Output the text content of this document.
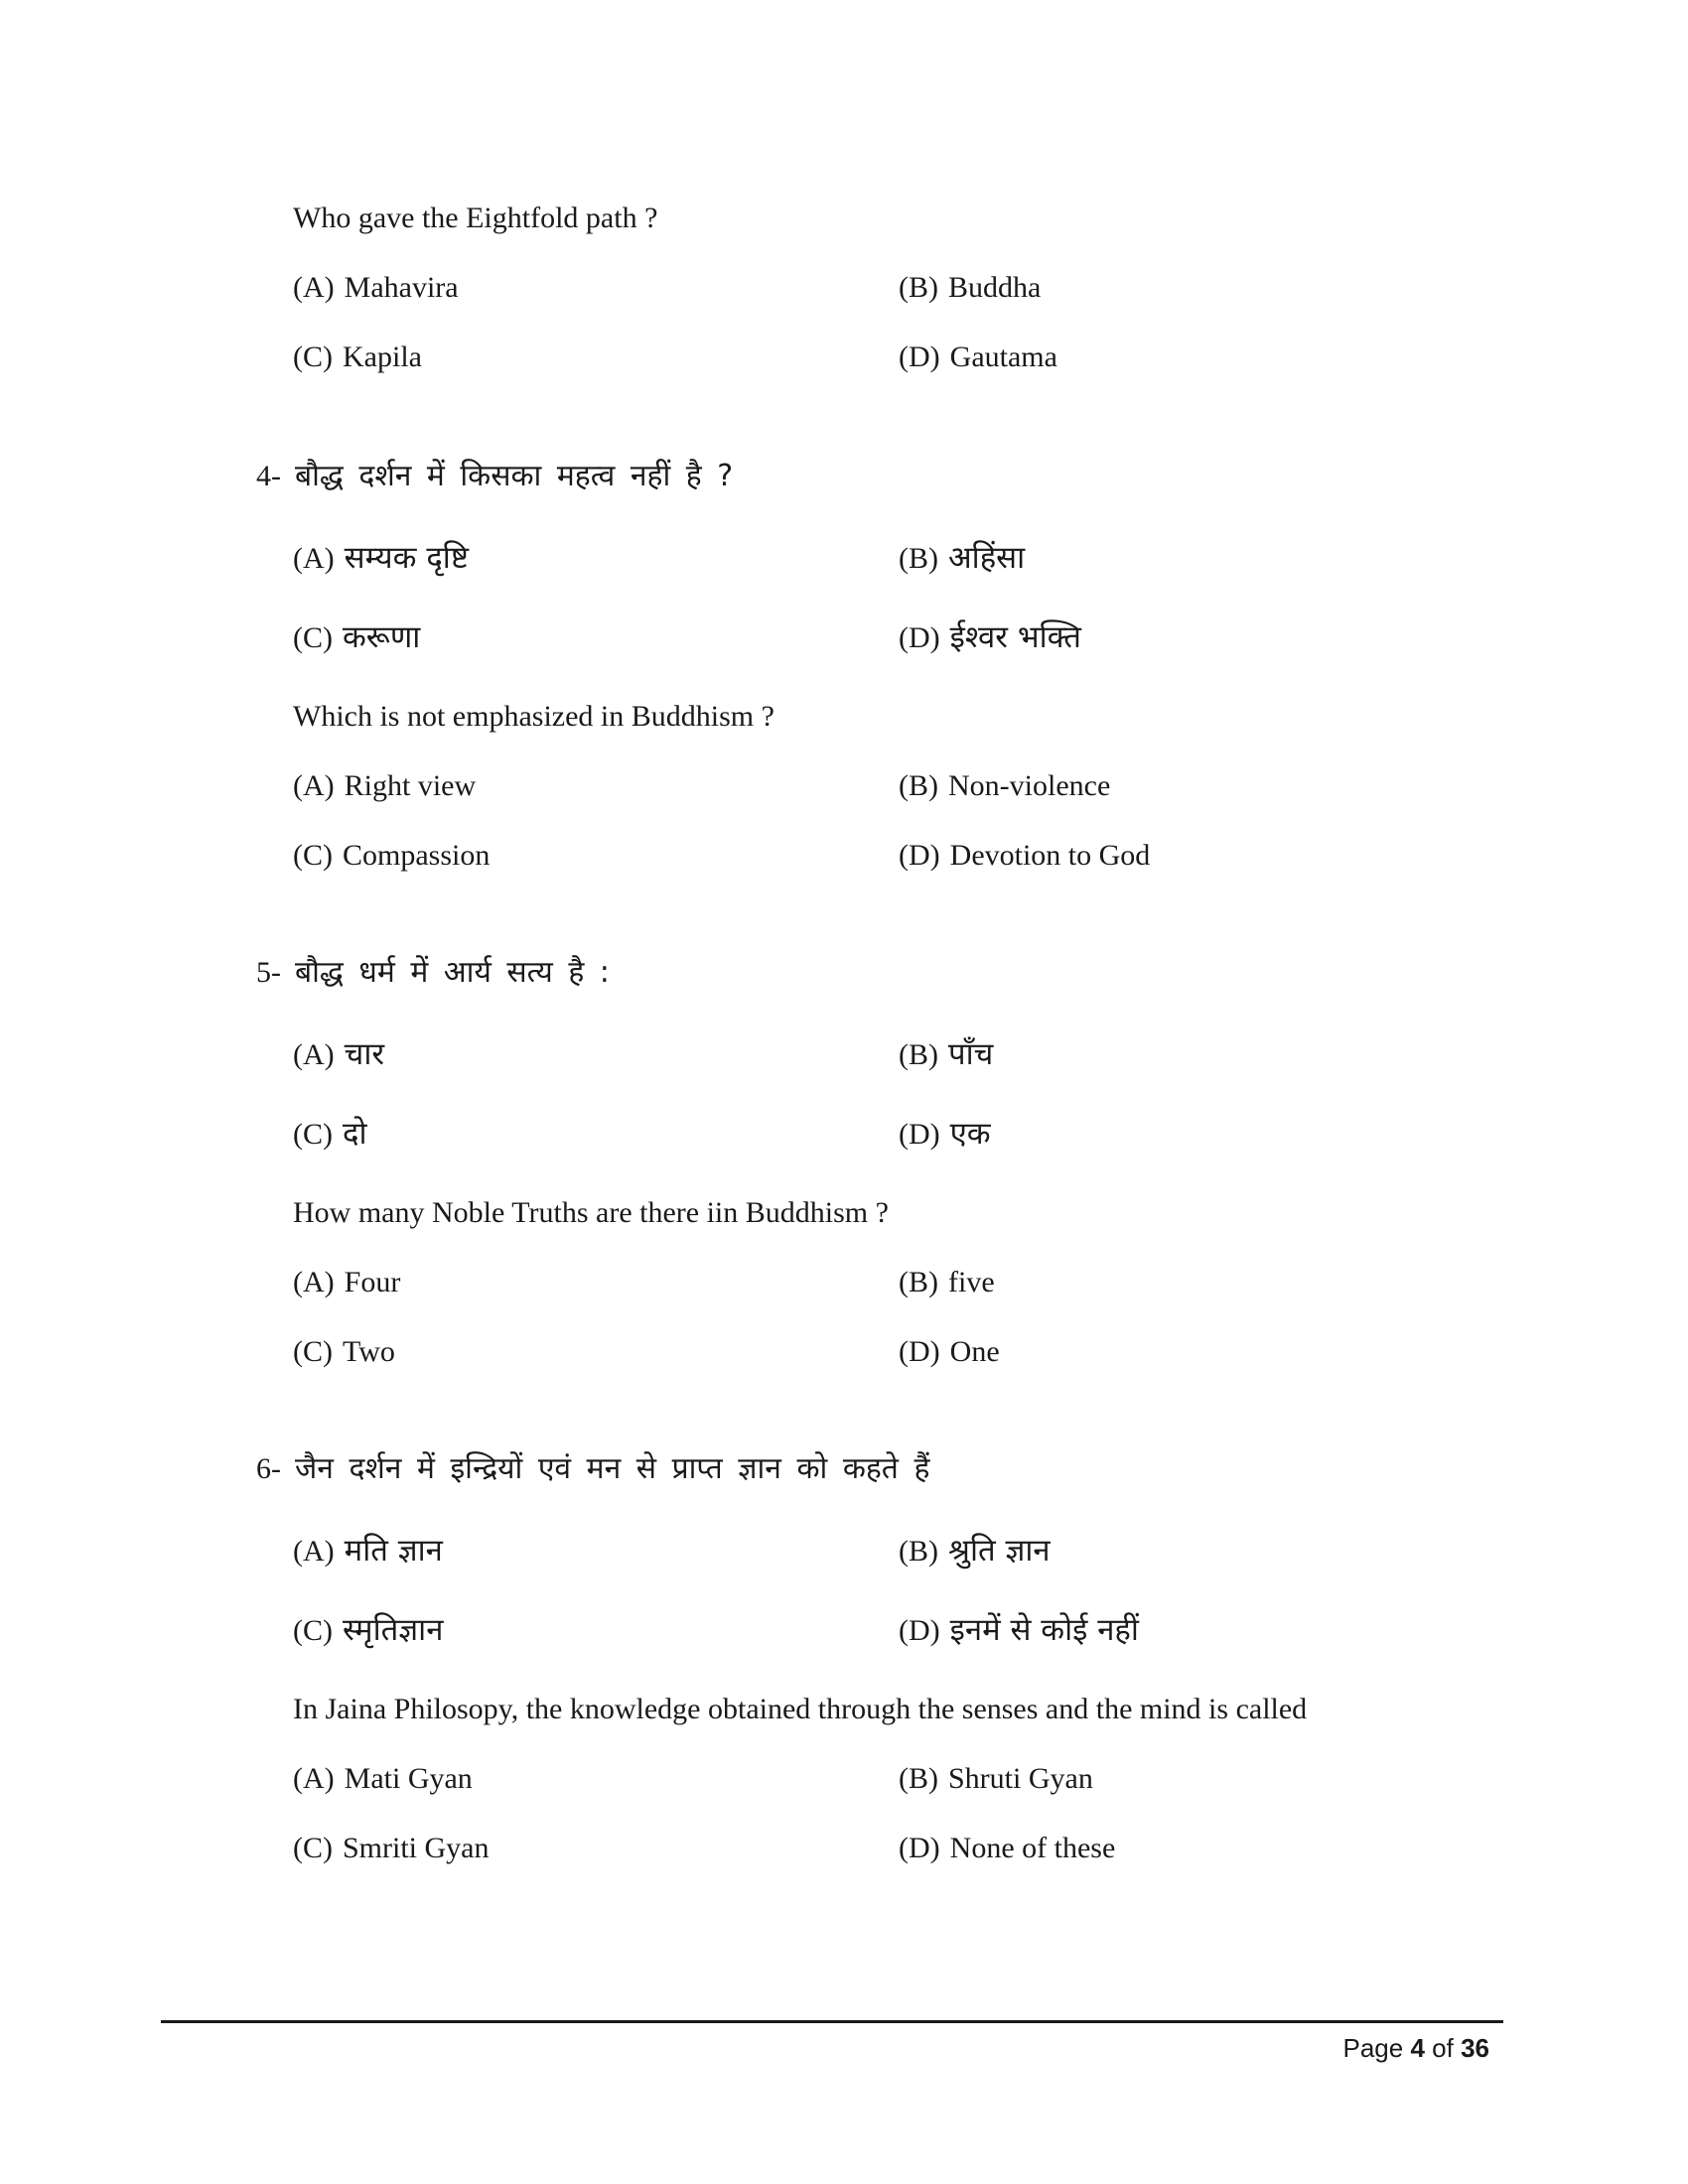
Who gave the Eightfold path ?
(A) Mahavira	(B) Buddha
(C) Kapila	(D) Gautama
4- बौद्ध दर्शन में किसका महत्व नहीं है ?
(A) सम्यक दृष्टि	(B) अहिंसा
(C) करूणा	(D) ईश्वर भक्ति
Which is not emphasized in Buddhism ?
(A) Right view	(B) Non-violence
(C) Compassion	(D) Devotion to God
5- बौद्ध धर्म में आर्य सत्य है :
(A) चार	(B) पाँच
(C) दो	(D) एक
How many Noble Truths are there iin Buddhism ?
(A) Four	(B) five
(C) Two	(D) One
6- जैन दर्शन में इन्द्रियों एवं मन से प्राप्त ज्ञान को कहते हैं
(A) मति ज्ञान	(B) श्रुति ज्ञान
(C) स्मृतिज्ञान	(D) इनमें से कोई नहीं
In Jaina Philosopy, the knowledge obtained through the senses and the mind is called
(A) Mati Gyan	(B) Shruti Gyan
(C) Smriti Gyan	(D) None of these
Page 4 of 36
